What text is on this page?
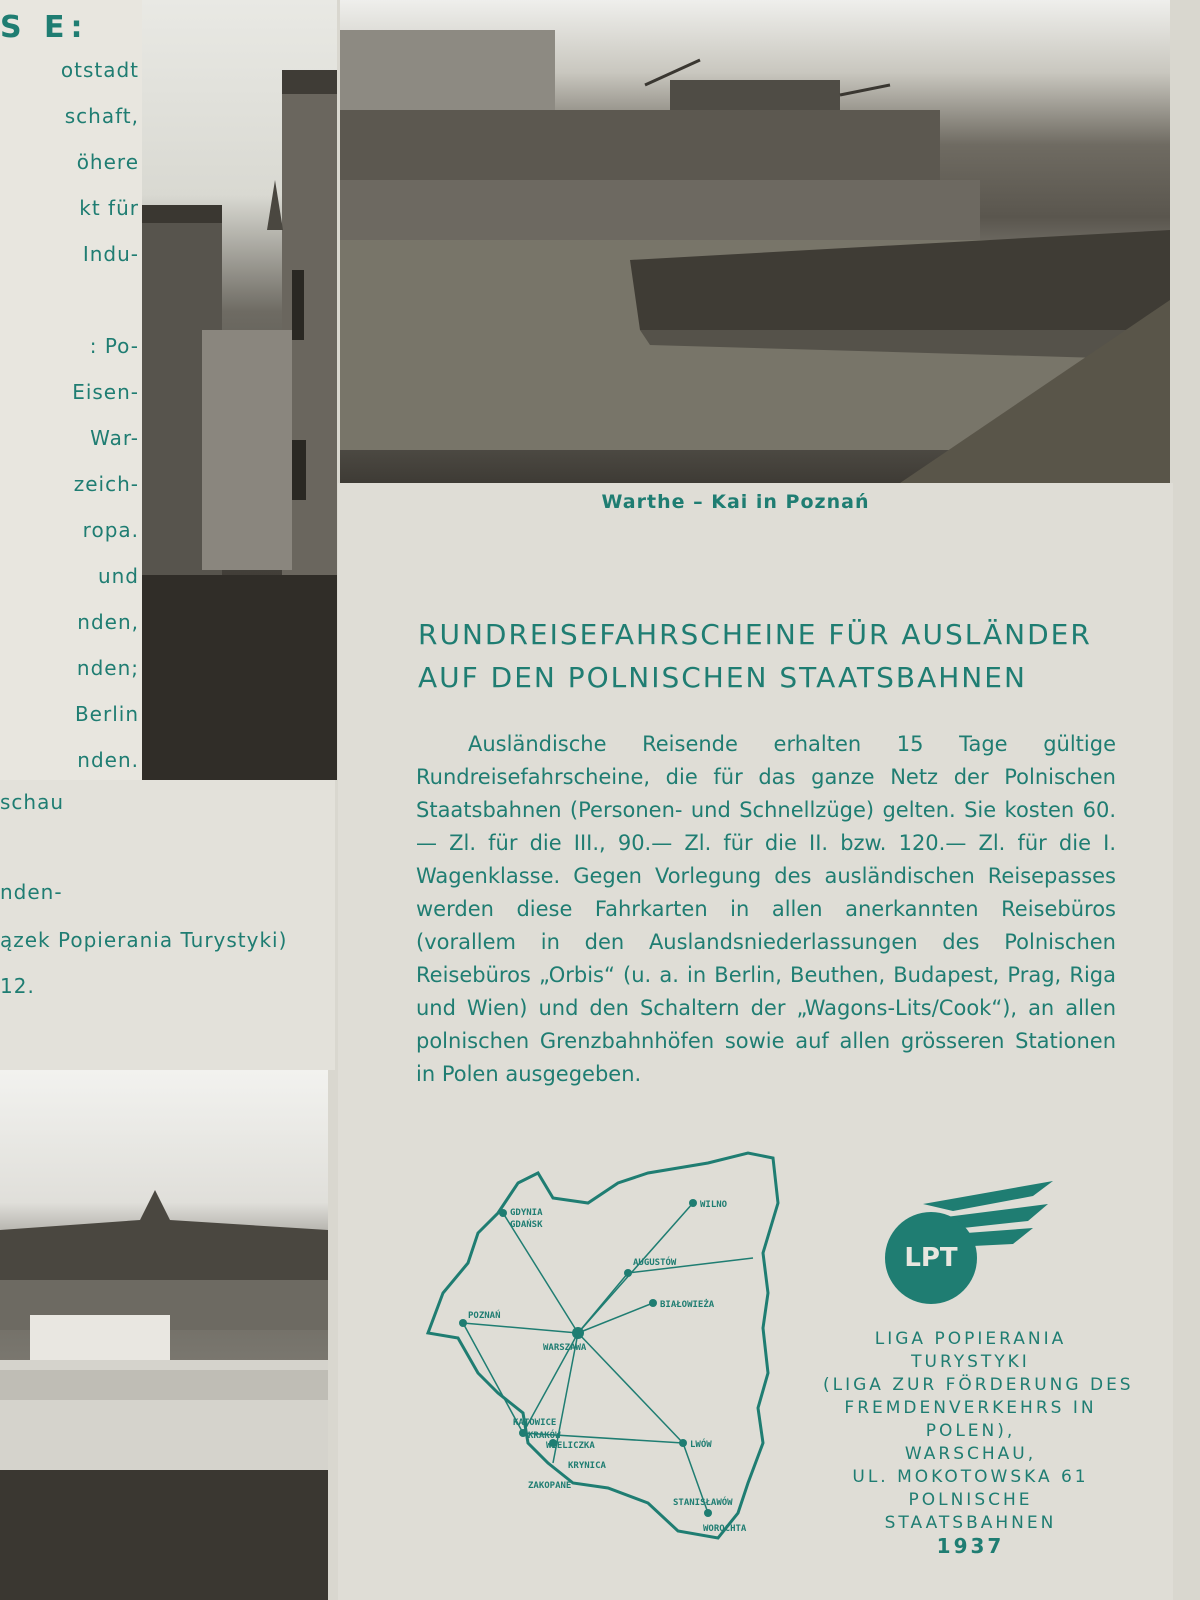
S E:
otstadt
schaft,
öhere
kt für
Indu-
: Po-
Eisen-
War-
zeich-
ropa.
und
nden,
nden;
Berlin
nden.
schau
nden-
ązek Popierania Turystyki)
12.
Warthe – Kai in Poznań
RUNDREISEFAHRSCHEINE FÜR AUSLÄNDER
AUF DEN POLNISCHEN STAATSBAHNEN

Ausländische Reisende erhalten 15 Tage gültige Rundreisefahrscheine, die für das ganze Netz der Polnischen Staatsbahnen (Personen- und Schnellzüge) gelten. Sie kosten 60.— Zl. für die III., 90.— Zl. für die II. bzw. 120.— Zl. für die I. Wagenklasse. Gegen Vorlegung des ausländischen Reisepasses werden diese Fahrkarten in allen anerkannten Reisebüros (vorallem in den Auslandsniederlassungen des Polnischen Reisebüros „Orbis“ (u. a. in Berlin, Beuthen, Budapest, Prag, Riga und Wien) und den Schaltern der „Wagons-Lits/Cook“), an allen polnischen Grenzbahnhöfen sowie auf allen grösseren Stationen in Polen ausgegeben.

GDYNIA
GDAŃSK
WILNO
AUGUSTÓW
BIAŁOWIEŻA
POZNAŃ
WARSZAWA
KATOWICE
KRAKÓW
WIELICZKA	LWÓW
KRYNICA
ZAKOPANE
STANISŁAWÓW
WOROCHTA
LPT
LIGA POPIERANIA
TURYSTYKI
(LIGA ZUR FÖRDERUNG DES
FREMDENVERKEHRS IN
POLEN),
WARSCHAU,
UL. MOKOTOWSKA 61
POLNISCHE
STAATSBAHNEN
1937
